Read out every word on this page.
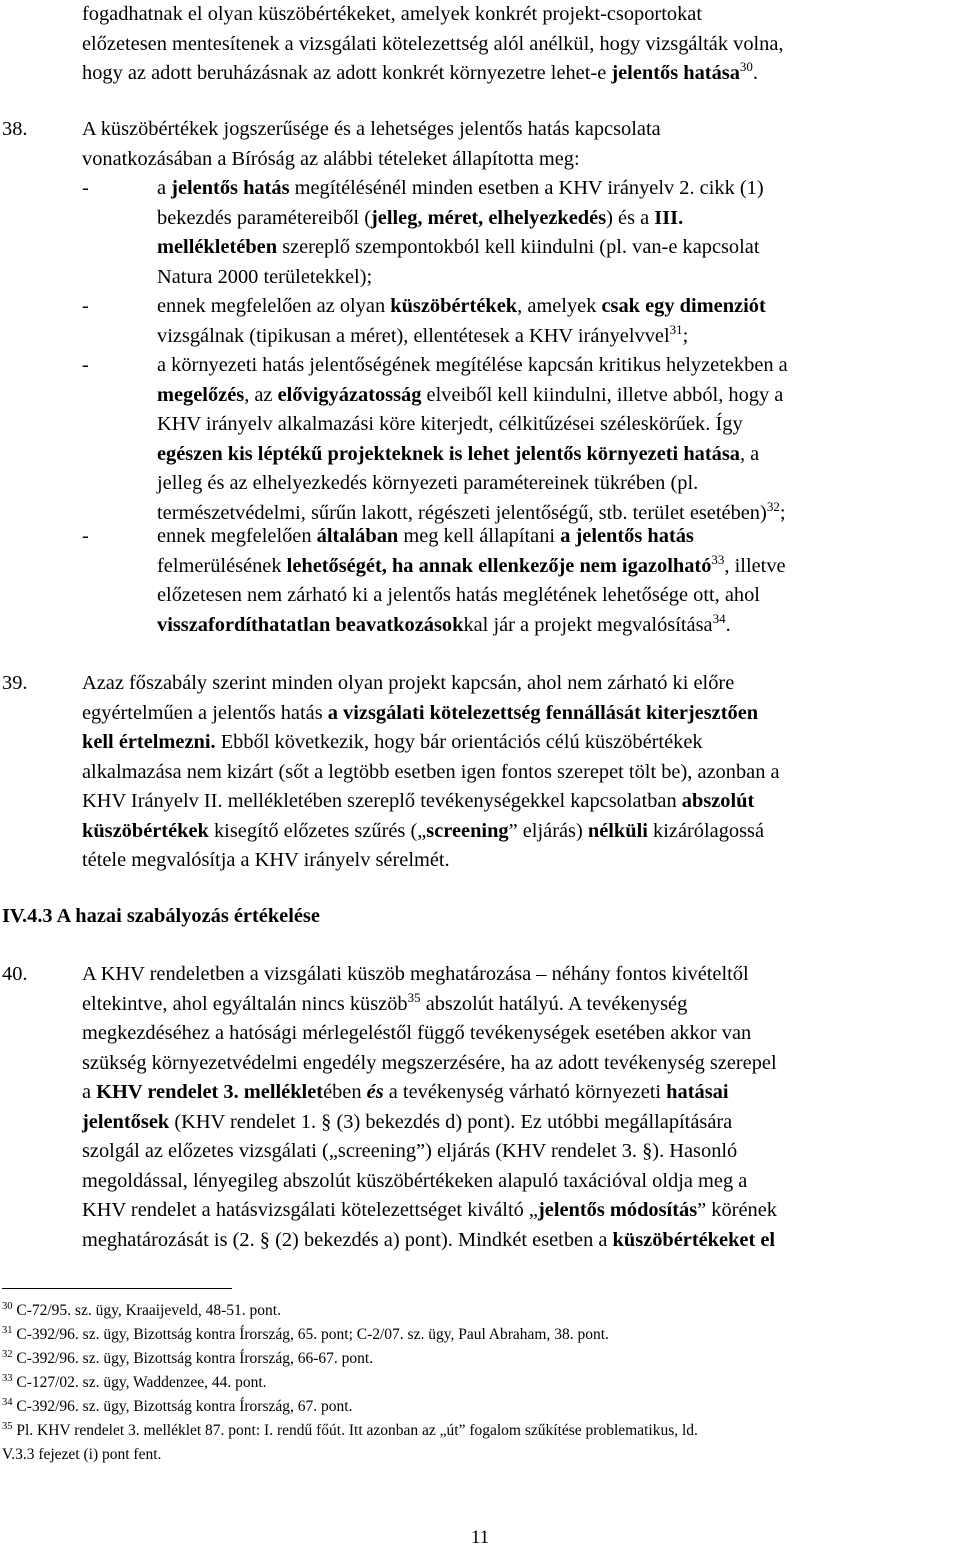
fogadhatnak el olyan küszöbértékeket, amelyek konkrét projekt-csoportokat

előzetesen mentesítenek a vizsgálati kötelezettség alól anélkül, hogy vizsgálták volna,

hogy az adott beruházásnak az adott konkrét környezetre lehet-e jelentős hatása$^{30}$.

38.	A küszöbértékek jogszerűsége és a lehetséges jelentős hatás kapcsolata

vonatkozásában a Bíróság az alábbi tételeket állapította meg:

-	a jelentős hatás megítélésénél minden esetben a KHV irányelv 2. cikk (1)

bekezdés paramétereiből (jelleg, méret, elhelyezkedés) és a III.

mellékletében szereplő szempontokból kell kiindulni (pl. van-e kapcsolat

Natura 2000 területekkel);

-	ennek megfelelően az olyan küszöbértékek, amelyek csak egy dimenziót

vizsgálnak (tipikusan a méret), ellentétesek a KHV irányelvvel$^{31}$;

-	a környezeti hatás jelentőségének megítélése kapcsán kritikus helyzetekben a

megelőzés, az elővigyázatosság elveiből kell kiindulni, illetve abból, hogy a

KHV irányelv alkalmazási köre kiterjedt, célkitűzései széleskörűek. Így

egészen kis léptékű projekteknek is lehet jelentős környezeti hatása, a

jelleg és az elhelyezkedés környezeti paramétereinek tükrében (pl.

természetvédelmi, sűrűn lakott, régészeti jelentőségű, stb. terület esetében)$^{32}$;

-	ennek megfelelően általában meg kell állapítani a jelentős hatás

felmerülésének lehetőségét, ha annak ellenkezője nem igazolható$^{33}$, illetve

előzetesen nem zárható ki a jelentős hatás meglétének lehetősége ott, ahol

visszafordíthatatlan beavatkozásokkal jár a projekt megvalósítása$^{34}$.

39.	Azaz főszabály szerint minden olyan projekt kapcsán, ahol nem zárható ki előre

egyértelműen a jelentős hatás a vizsgálati kötelezettség fennállását kiterjesztően

kell értelmezni. Ebből következik, hogy bár orientációs célú küszöbértékek

alkalmazása nem kizárt (sőt a legtöbb esetben igen fontos szerepet tölt be), azonban a

KHV Irányelv II. mellékletében szereplő tevékenységekkel kapcsolatban abszolút

küszöbértékek kisegítő előzetes szűrés („screening” eljárás) nélküli kizárólagossá

tétele megvalósítja a KHV irányelv sérelmét.

IV.4.3 A hazai szabályozás értékelése
40.	A KHV rendeletben a vizsgálati küszöb meghatározása – néhány fontos kivételtől

eltekintve, ahol egyáltalán nincs küszöb$^{35}$ abszolút hatályú. A tevékenység

megkezdéséhez a hatósági mérlegeléstől függő tevékenységek esetében akkor van

szükség környezetvédelmi engedély megszerzésére, ha az adott tevékenység szerepel

a KHV rendelet 3. mellékletében és a tevékenység várható környezeti hatásai

jelentősek (KHV rendelet 1. § (3) bekezdés d) pont). Ez utóbbi megállapítására

szolgál az előzetes vizsgálati („screening”) eljárás (KHV rendelet 3. §). Hasonló

megoldással, lényegileg abszolút küszöbértékeken alapuló taxációval oldja meg a

KHV rendelet a hatásvizsgálati kötelezettséget kiváltó „jelentős módosítás” körének

meghatározását is (2. § (2) bekezdés a) pont). Mindkét esetben a küszöbértékeket el

$^{30}$ C-72/95. sz. ügy, Kraaijeveld, 48-51. pont.

$^{31}$ C-392/96. sz. ügy, Bizottság kontra Írország, 65. pont; C-2/07. sz. ügy, Paul Abraham, 38. pont.

$^{32}$ C-392/96. sz. ügy, Bizottság kontra Írország, 66-67. pont.

$^{33}$ C-127/02. sz. ügy, Waddenzee, 44. pont.

$^{34}$ C-392/96. sz. ügy, Bizottság kontra Írország, 67. pont.

$^{35}$ Pl. KHV rendelet 3. melléklet 87. pont: I. rendű főút. Itt azonban az „út” fogalom szűkítése problematikus, ld.

V.3.3 fejezet (i) pont fent.

11
